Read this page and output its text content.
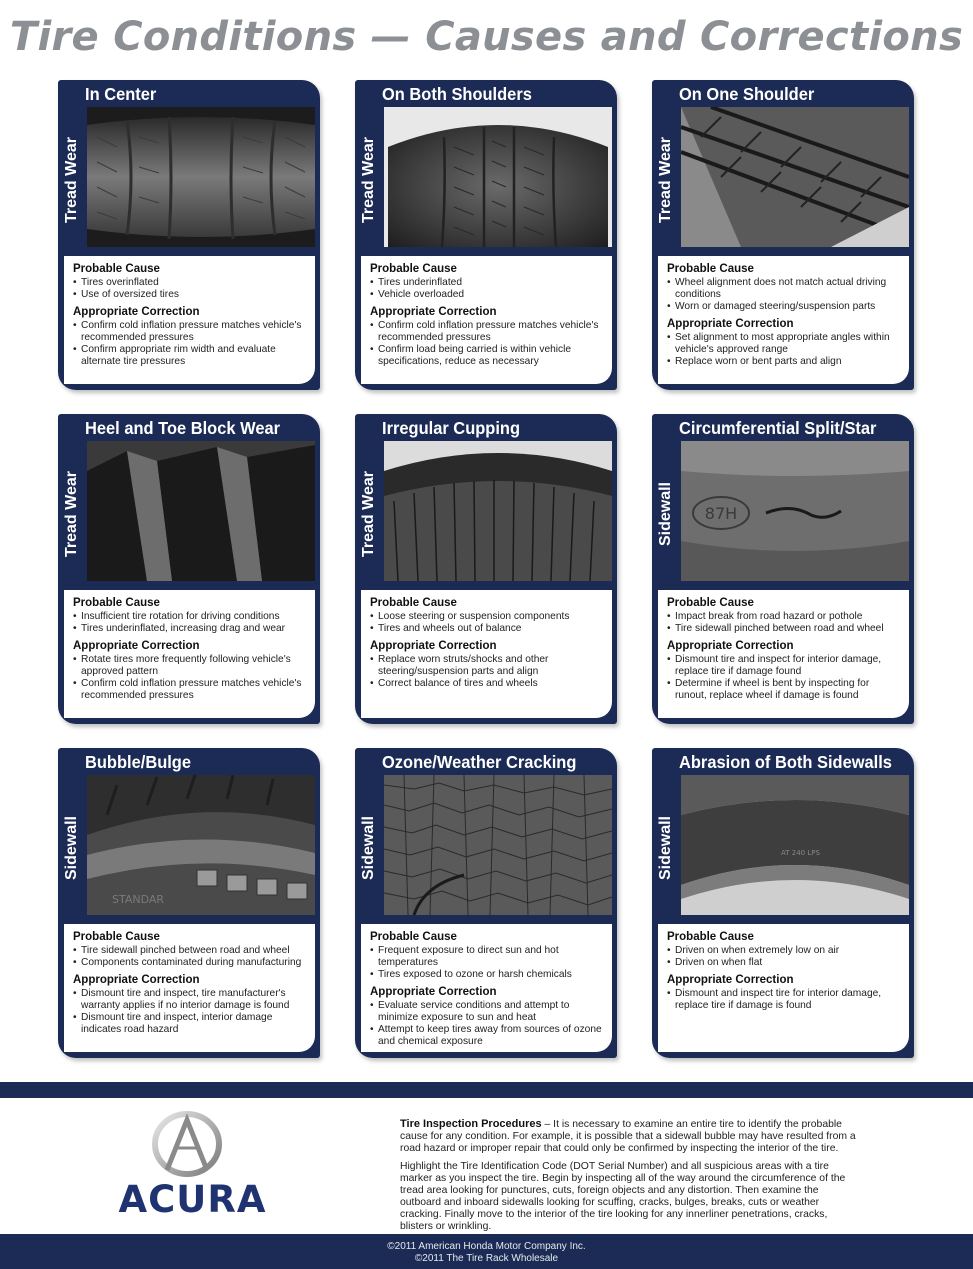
Tire Conditions — Causes and Corrections
In Center
Tread Wear
Probable Cause
• Tires overinflated
• Use of oversized tires
Appropriate Correction
• Confirm cold inflation pressure matches vehicle's recommended pressures
• Confirm appropriate rim width and evaluate alternate tire pressures
On Both Shoulders
Tread Wear
Probable Cause
• Tires underinflated
• Vehicle overloaded
Appropriate Correction
• Confirm cold inflation pressure matches vehicle's recommended pressures
• Confirm load being carried is within vehicle specifications, reduce as necessary
On One Shoulder
Tread Wear
Probable Cause
• Wheel alignment does not match actual driving conditions
• Worn or damaged steering/suspension parts
Appropriate Correction
• Set alignment to most appropriate angles within vehicle's approved range
• Replace worn or bent parts and align
Heel and Toe Block Wear
Tread Wear
Probable Cause
• Insufficient tire rotation for driving conditions
• Tires underinflated, increasing drag and wear
Appropriate Correction
• Rotate tires more frequently following vehicle's approved pattern
• Confirm cold inflation pressure matches vehicle's recommended pressures
Irregular Cupping
Tread Wear
Probable Cause
• Loose steering or suspension components
• Tires and wheels out of balance
Appropriate Correction
• Replace worn struts/shocks and other steering/suspension parts and align
• Correct balance of tires and wheels
Circumferential Split/Star
Sidewall 87H
Probable Cause
• Impact break from road hazard or pothole
• Tire sidewall pinched between road and wheel
Appropriate Correction
• Dismount tire and inspect for interior damage, replace tire if damage found
• Determine if wheel is bent by inspecting for runout, replace wheel if damage is found
Bubble/Bulge
Sidewall
STANDAR
Probable Cause
• Tire sidewall pinched between road and wheel
• Components contaminated during manufacturing
Appropriate Correction
• Dismount tire and inspect, tire manufacturer's warranty applies if no interior damage is found
• Dismount tire and inspect, interior damage indicates road hazard
Ozone/Weather Cracking
Sidewall
Probable Cause
• Frequent exposure to direct sun and hot temperatures
• Tires exposed to ozone or harsh chemicals
Appropriate Correction
• Evaluate service conditions and attempt to minimize exposure to sun and heat
• Attempt to keep tires away from sources of ozone and chemical exposure
Abrasion of Both Sidewalls
Sidewall	AT 240 LPS
Probable Cause
• Driven on when extremely low on air
• Driven on when flat
Appropriate Correction
• Dismount and inspect tire for interior damage, replace tire if damage is found
ACURA

Tire Inspection Procedures – It is necessary to examine an entire tire to identify the probable cause for any condition. For example, it is possible that a sidewall bubble may have resulted from a road hazard or improper repair that could only be confirmed by inspecting the interior of the tire.

Highlight the Tire Identification Code (DOT Serial Number) and all suspicious areas with a tire marker as you inspect the tire. Begin by inspecting all of the way around the circumference of the tread area looking for punctures, cuts, foreign objects and any distortion. Then examine the outboard and inboard sidewalls looking for scuffing, cracks, bulges, breaks, cuts or weather cracking. Finally move to the interior of the tire looking for any innerliner penetrations, cracks, blisters or wrinkling.

©2011 American Honda Motor Company Inc.
©2011 The Tire Rack Wholesale
